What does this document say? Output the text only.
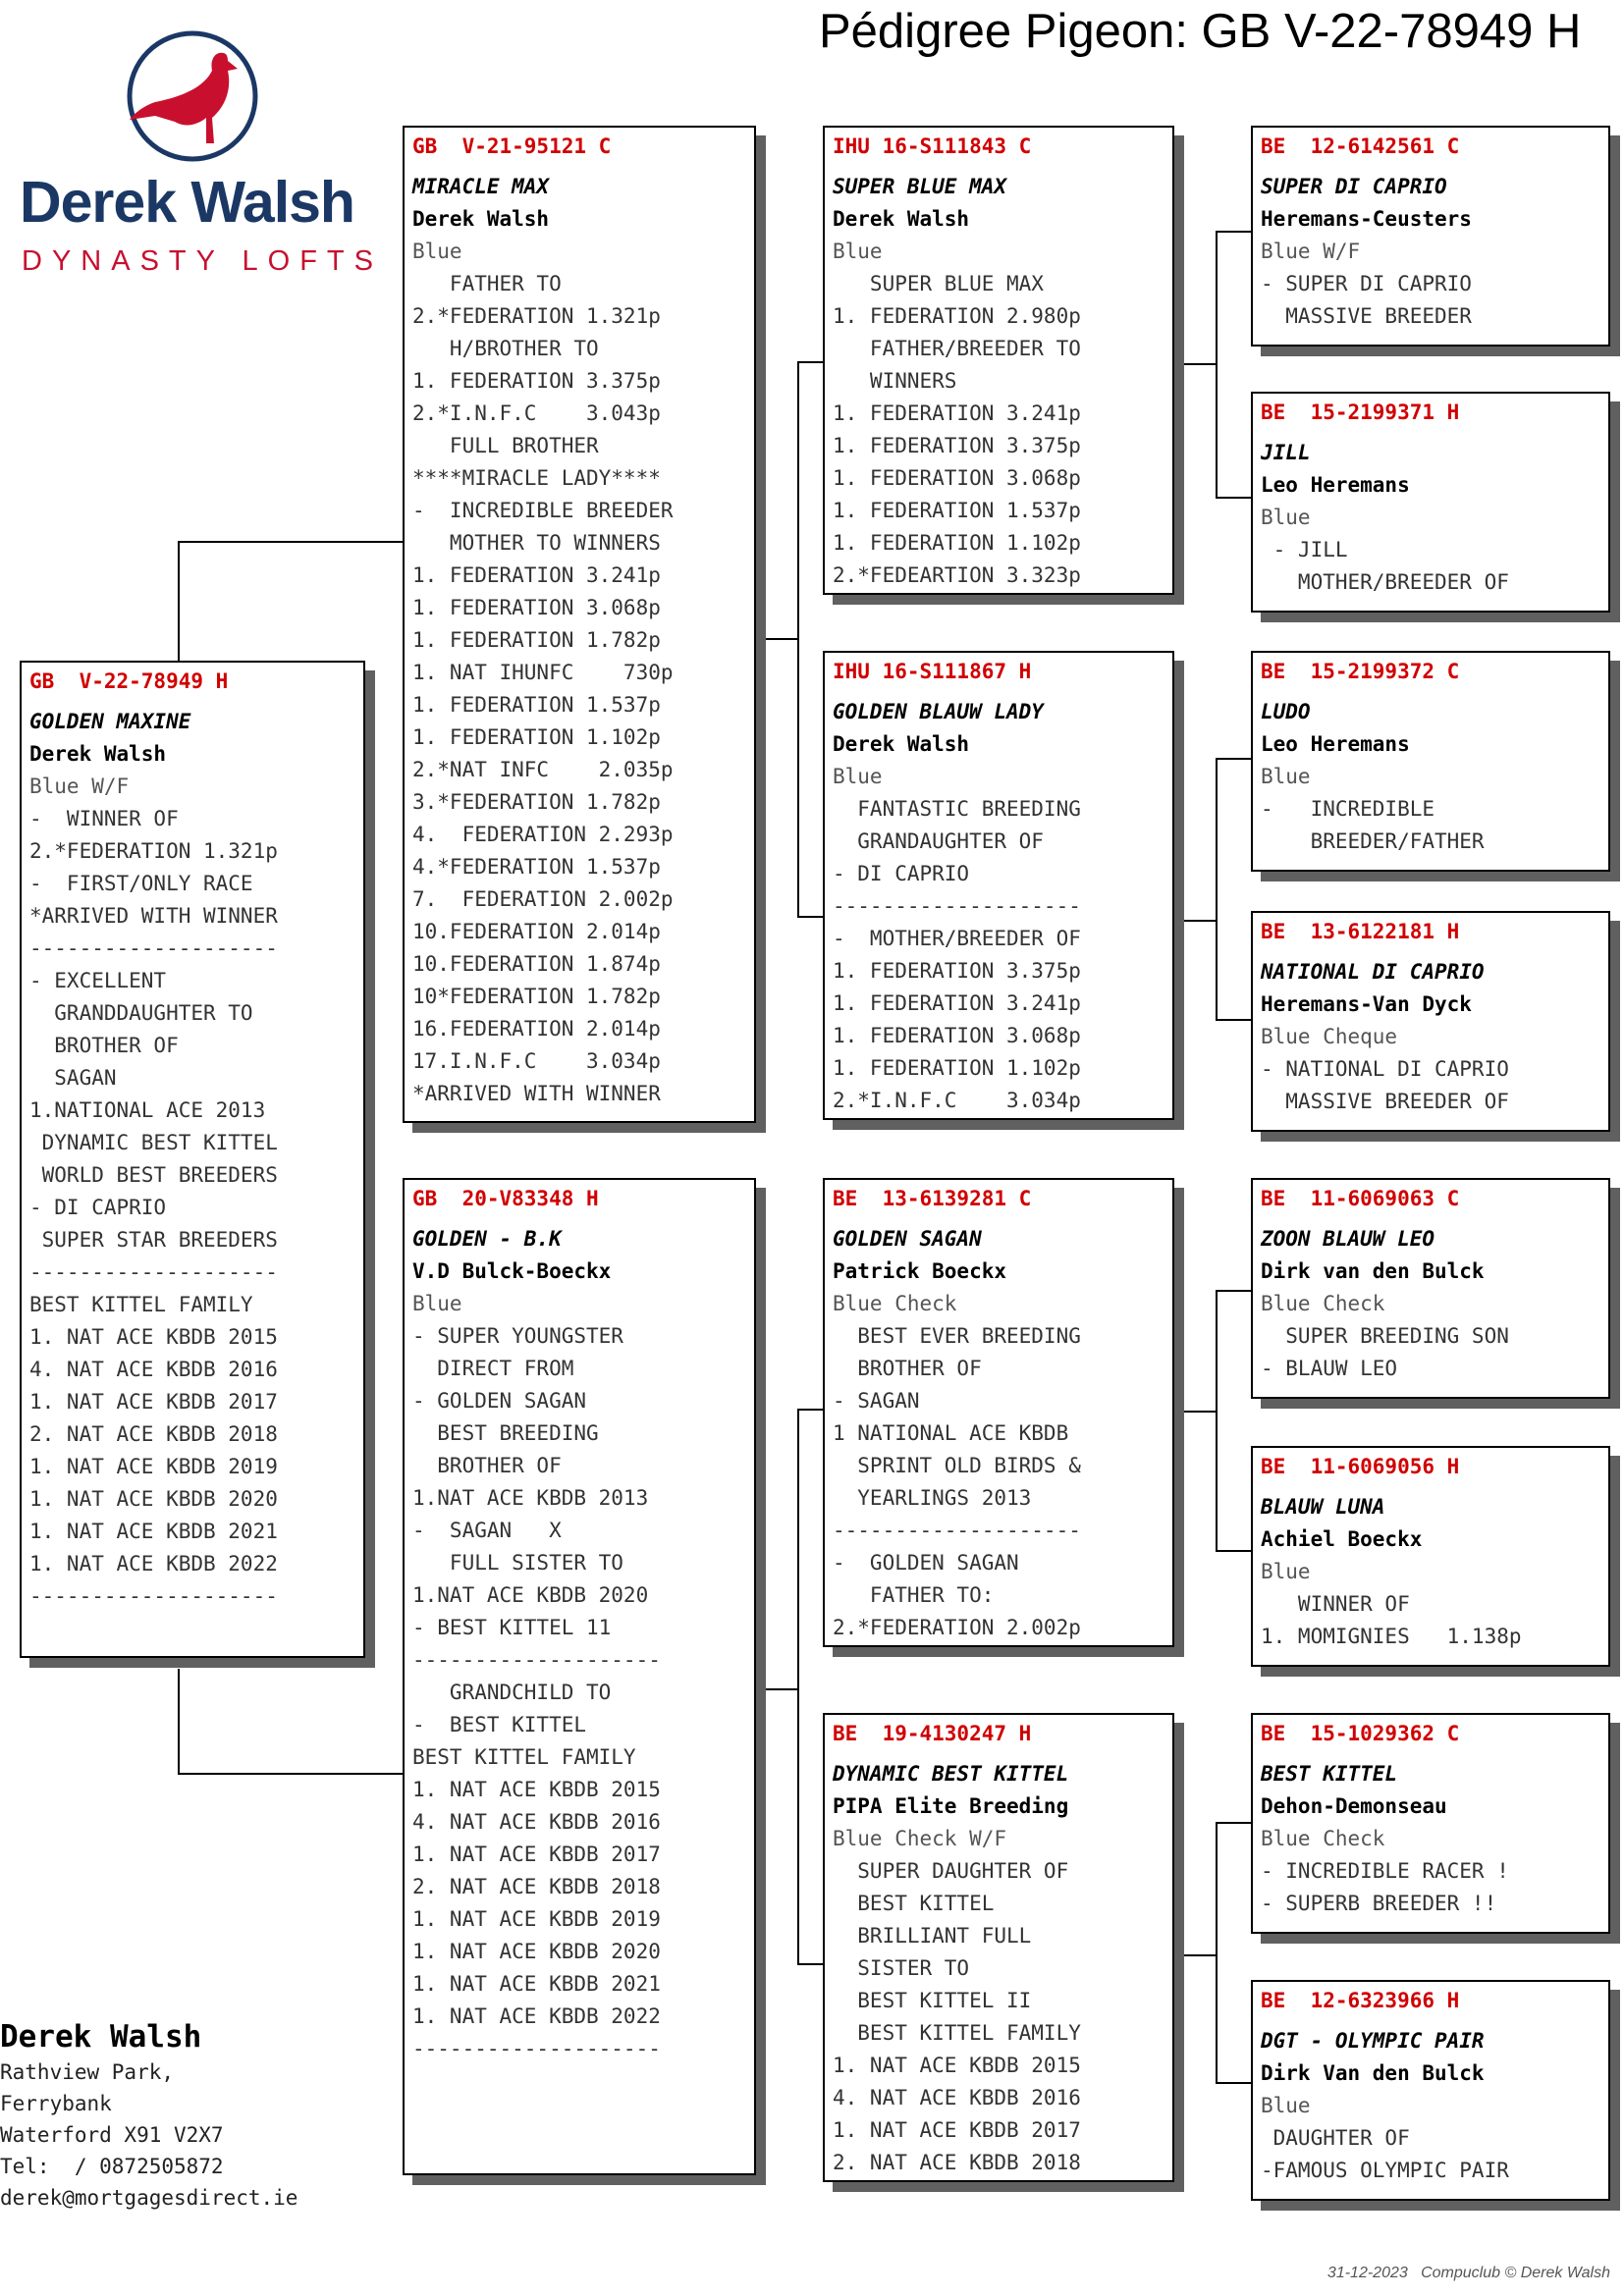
Pédigree Pigeon: GB V-22-78949 H
Derek Walsh
DYNASTY LOFTS
GB  V-22-78949 H
GOLDEN MAXINE
Derek Walsh
Blue W/F
-  WINNER OF
2.*FEDERATION 1.321p
-  FIRST/ONLY RACE
*ARRIVED WITH WINNER
--------------------
- EXCELLENT
GRANDDAUGHTER TO
BROTHER OF
SAGAN
1.NATIONAL ACE 2013
DYNAMIC BEST KITTEL
WORLD BEST BREEDERS
- DI CAPRIO
SUPER STAR BREEDERS
--------------------
BEST KITTEL FAMILY
1. NAT ACE KBDB 2015
4. NAT ACE KBDB 2016
1. NAT ACE KBDB 2017
2. NAT ACE KBDB 2018
1. NAT ACE KBDB 2019
1. NAT ACE KBDB 2020
1. NAT ACE KBDB 2021
1. NAT ACE KBDB 2022
--------------------
GB  V-21-95121 C
MIRACLE MAX
Derek Walsh
Blue
FATHER TO
2.*FEDERATION 1.321p
H/BROTHER TO
1. FEDERATION 3.375p
2.*I.N.F.C    3.043p
FULL BROTHER
****MIRACLE LADY****
-  INCREDIBLE BREEDER
MOTHER TO WINNERS
1. FEDERATION 3.241p
1. FEDERATION 3.068p
1. FEDERATION 1.782p
1. NAT IHUNFC    730p
1. FEDERATION 1.537p
1. FEDERATION 1.102p
2.*NAT INFC    2.035p
3.*FEDERATION 1.782p
4.  FEDERATION 2.293p
4.*FEDERATION 1.537p
7.  FEDERATION 2.002p
10.FEDERATION 2.014p
10.FEDERATION 1.874p
10*FEDERATION 1.782p
16.FEDERATION 2.014p
17.I.N.F.C    3.034p
*ARRIVED WITH WINNER
GB  20-V83348 H
GOLDEN - B.K
V.D Bulck-Boeckx
Blue
- SUPER YOUNGSTER
DIRECT FROM
- GOLDEN SAGAN
BEST BREEDING
BROTHER OF
1.NAT ACE KBDB 2013
-  SAGAN   X
FULL SISTER TO
1.NAT ACE KBDB 2020
- BEST KITTEL 11
--------------------
GRANDCHILD TO
-  BEST KITTEL
BEST KITTEL FAMILY
1. NAT ACE KBDB 2015
4. NAT ACE KBDB 2016
1. NAT ACE KBDB 2017
2. NAT ACE KBDB 2018
1. NAT ACE KBDB 2019
1. NAT ACE KBDB 2020
1. NAT ACE KBDB 2021
1. NAT ACE KBDB 2022
--------------------
IHU 16-S111843 C
SUPER BLUE MAX
Derek Walsh
Blue
SUPER BLUE MAX
1. FEDERATION 2.980p
FATHER/BREEDER TO
WINNERS
1. FEDERATION 3.241p
1. FEDERATION 3.375p
1. FEDERATION 3.068p
1. FEDERATION 1.537p
1. FEDERATION 1.102p
2.*FEDEARTION 3.323p
IHU 16-S111867 H
GOLDEN BLAUW LADY
Derek Walsh
Blue
FANTASTIC BREEDING
GRANDAUGHTER OF
- DI CAPRIO
--------------------
-  MOTHER/BREEDER OF
1. FEDERATION 3.375p
1. FEDERATION 3.241p
1. FEDERATION 3.068p
1. FEDERATION 1.102p
2.*I.N.F.C    3.034p
BE  13-6139281 C
GOLDEN SAGAN
Patrick Boeckx
Blue Check
BEST EVER BREEDING
BROTHER OF
- SAGAN
1 NATIONAL ACE KBDB
SPRINT OLD BIRDS &
YEARLINGS 2013
--------------------
-  GOLDEN SAGAN
FATHER TO:
2.*FEDERATION 2.002p
BE  19-4130247 H
DYNAMIC BEST KITTEL
PIPA Elite Breeding
Blue Check W/F
SUPER DAUGHTER OF
BEST KITTEL
BRILLIANT FULL
SISTER TO
BEST KITTEL II
BEST KITTEL FAMILY
1. NAT ACE KBDB 2015
4. NAT ACE KBDB 2016
1. NAT ACE KBDB 2017
2. NAT ACE KBDB 2018
BE  12-6142561 C
SUPER DI CAPRIO
Heremans-Ceusters
Blue W/F
- SUPER DI CAPRIO
MASSIVE BREEDER
BE  15-2199371 H
JILL
Leo Heremans
Blue
- JILL
MOTHER/BREEDER OF
BE  15-2199372 C
LUDO
Leo Heremans
Blue
-   INCREDIBLE
BREEDER/FATHER
BE  13-6122181 H
NATIONAL DI CAPRIO
Heremans-Van Dyck
Blue Cheque
- NATIONAL DI CAPRIO
MASSIVE BREEDER OF
BE  11-6069063 C
ZOON BLAUW LEO
Dirk van den Bulck
Blue Check
SUPER BREEDING SON
- BLAUW LEO
BE  11-6069056 H
BLAUW LUNA
Achiel Boeckx
Blue
WINNER OF
1. MOMIGNIES   1.138p
BE  15-1029362 C
BEST KITTEL
Dehon-Demonseau
Blue Check
- INCREDIBLE RACER !
- SUPERB BREEDER !!
BE  12-6323966 H
DGT - OLYMPIC PAIR
Dirk Van den Bulck
Blue
DAUGHTER OF
-FAMOUS OLYMPIC PAIR
Derek Walsh
Rathview Park,
Ferrybank
Waterford X91 V2X7
Tel:  / 0872505872
derek@mortgagesdirect.ie
31-12-2023   Compuclub © Derek Walsh
